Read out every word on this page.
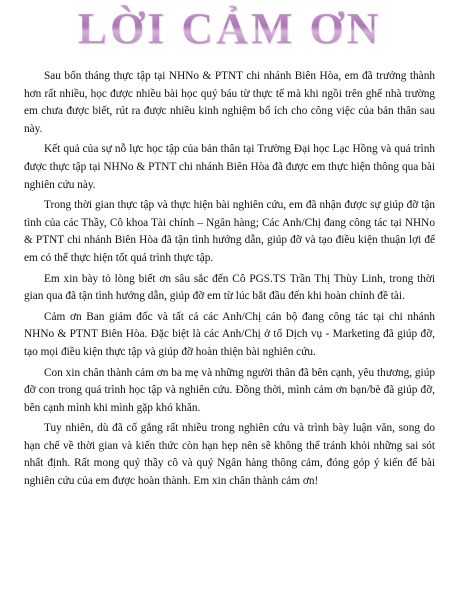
LỜI CẢM ƠN

Sau bốn tháng thực tập tại NHNo & PTNT chi nhánh Biên Hòa, em đã trưởng thành hơn rất nhiều, học được nhiều bài học quý báu từ thực tế mà khi ngồi trên ghế nhà trường em chưa được biết, rút ra được nhiều kinh nghiệm bổ ích cho công việc của bản thân sau này.

Kết quả của sự nỗ lực học tập của bản thân tại Trường Đại học Lạc Hồng và quá trình được thực tập tại NHNo & PTNT chi nhánh Biên Hòa đã được em thực hiện thông qua bài nghiên cứu này.

Trong thời gian thực tập và thực hiện bài nghiên cứu, em đã nhận được sự giúp đỡ tận tình của các Thầy, Cô khoa Tài chính – Ngân hàng; Các Anh/Chị đang công tác tại NHNo & PTNT chi nhánh Biên Hòa đã tận tình hướng dẫn, giúp đỡ và tạo điều kiện thuận lợi để em có thể thực hiện tốt quá trình thực tập.

Em xin bày tỏ lòng biết ơn sâu sắc đến Cô PGS.TS Trần Thị Thùy Linh, trong thời gian qua đã tận tình hướng dẫn, giúp đỡ em từ lúc bắt đầu đến khi hoàn chỉnh đề tài.

Cảm ơn Ban giám đốc và tất cả các Anh/Chị cán bộ đang công tác tại chi nhánh NHNo & PTNT Biên Hòa. Đặc biệt là các Anh/Chị ở tổ Dịch vụ - Marketing đã giúp đỡ, tạo mọi điều kiện thực tập và giúp đỡ hoàn thiện bài nghiên cứu.

Con xin chân thành cảm ơn ba mẹ và những người thân đã bên cạnh, yêu thương, giúp đỡ con trong quá trình học tập và nghiên cứu. Đồng thời, mình cảm ơn bạn/bè đã giúp đỡ, bên cạnh mình khi mình gặp khó khăn.

Tuy nhiên, dù đã cố gắng rất nhiều trong nghiên cứu và trình bày luận văn, song do hạn chế về thời gian và kiến thức còn hạn hẹp nên sẽ không thể tránh khỏi những sai sót nhất định. Rất mong quý thầy cô và quý Ngân hàng thông cảm, đóng góp ý kiến để bài nghiên cứu của em được hoàn thành. Em xin chân thành cảm ơn!
